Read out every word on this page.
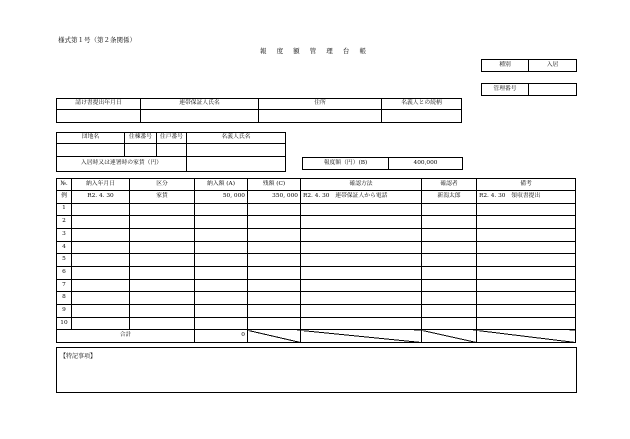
様式第１号（第２条関係）
報 度 額 管 理 台 帳
種別	入居
管理番号	
請け書提出年月日	連帯保証人氏名	住所	名義人との続柄

団地名	住棟番号	住戸番号	名義人氏名

入居時又は連署時の家賃（円）				報度額（円）(B)	400,000
№.	納入年月日	区分	納入額 (A)	残額 (C)	確認方法	確認者	備考
例	R2. 4. 30	家賃	50, 000	350, 000	R2. 4. 30　連帯保証人から電話	新潟太郎	R2. 4. 30　領収書提出
1							
2							
3							
4							
5							
6							
7							
8							
9							
10							
合計			0				
【特記事項】
